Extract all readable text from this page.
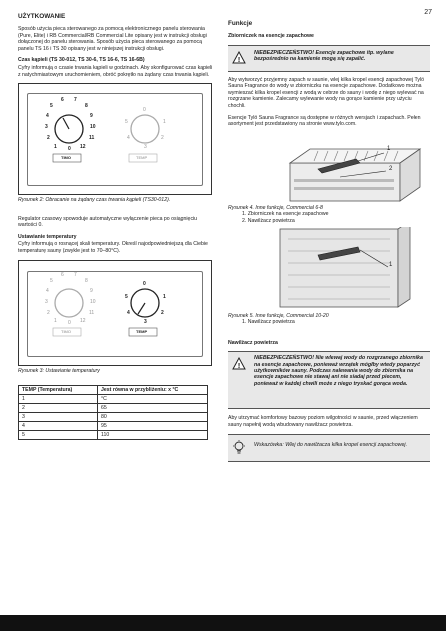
27
UŻYTKOWANIE
Sposób użycia pieca sterowanego za pomocą elektronicznego panelu sterowania (Pure, Elite) i RB Commercial/RB Commercial Lite opisany jest w instrukcji obsługi dołączonej do panelu sterowania. Sposób użycia pieca sterowanego za pomocą panelu TS 16 i TS 30 opisany jest w niniejszej instrukcji obsługi.
Czas kąpieli (TS 30-012, TS 30-6, TS 16-6, TS 16-6B)
Cyfry informują o czasie trwania kąpieli w godzinach. Aby skonfigurować czas kąpieli z natychmiastowym uruchomieniem, obróć pokrętło na żądany czas trwania kąpieli.
5
6 7
8
4	9
3	10
2	11
1 0 12
0
5	1
4	2
3
TIMO	TEMP
Rysunek 2: Obracanie na żądany czas trwania kąpieli (TS30-012).
Regulator czasowy spowoduje automatyczne wyłączenie pieca po osiągnięciu wartości 0.
Ustawianie temperatury
Cyfry informują o rosnącej skali temperatury. Określ najodpowiedniejszą dla Ciebie temperaturę sauny (zwykle jest to 70–80°C).
5
6 7
8
4	9
3	10
2	11
1 0 12
0
5	1
4	2
3
TIMO	TEMP
Rysunek 3: Ustawianie temperatury
TEMP (Temperatura)	Jest równa w przybliżeniu: x °C
1	°C
2	65
3	80
4	95
5	110
Funkcje
Zbiorniczek na esencje zapachowe
!
NIEBEZPIECZEŃSTWO! Esencje zapachowe itp. wylane bezpośrednio na kamienie mogą się zapalić.
Aby wytworzyć przyjemny zapach w saunie, wlej kilka kropel esencji zapachowej Tylö Sauna Fragrance do wody w zbiorniczku na esencje zapachowe. Dodatkowo można wymieszać kilka kropel esencji z wodą w cebrze do sauny i wodę z niego wylewać na rozgrzane kamienie. Zalecamy wylewanie wody na gorące kamienie przy użyciu chochli.
Esencje Tylö Sauna Fragrance są dostępne w różnych wersjach i zapachach. Pełen asortyment jest przedstawiony na stronie www.tylo.com.
1
2
Rysunek 4. Inne funkcje, Commercial 6-8
1. Zbiorniczek na esencje zapachowe
2. Nawilżacz powietrza
1
Rysunek 5. Inne funkcje, Commercial 10-20
1. Nawilżacz powietrza
Nawilżacz powietrza
!
NIEBEZPIECZEŃSTWO! Nie wlewaj wody do rozgrzanego zbiornika na esencje zapachowe, ponieważ wrzątek mógłby wtedy poparzyć użytkowników sauny. Podczas nalewania wody do zbiornika na esencje zapachowe nie stawaj ani nie siadaj przed piecem, ponieważ w każdej chwili może z niego tryskać gorąca woda.
Aby utrzymać komfortowy bazowy poziom wilgotności w saunie, przed włączeniem sauny napełnij wodą wbudowany nawilżacz powietrza.
Wskazówka: Wlej do nawilżacza kilka kropel esencji zapachowej.
